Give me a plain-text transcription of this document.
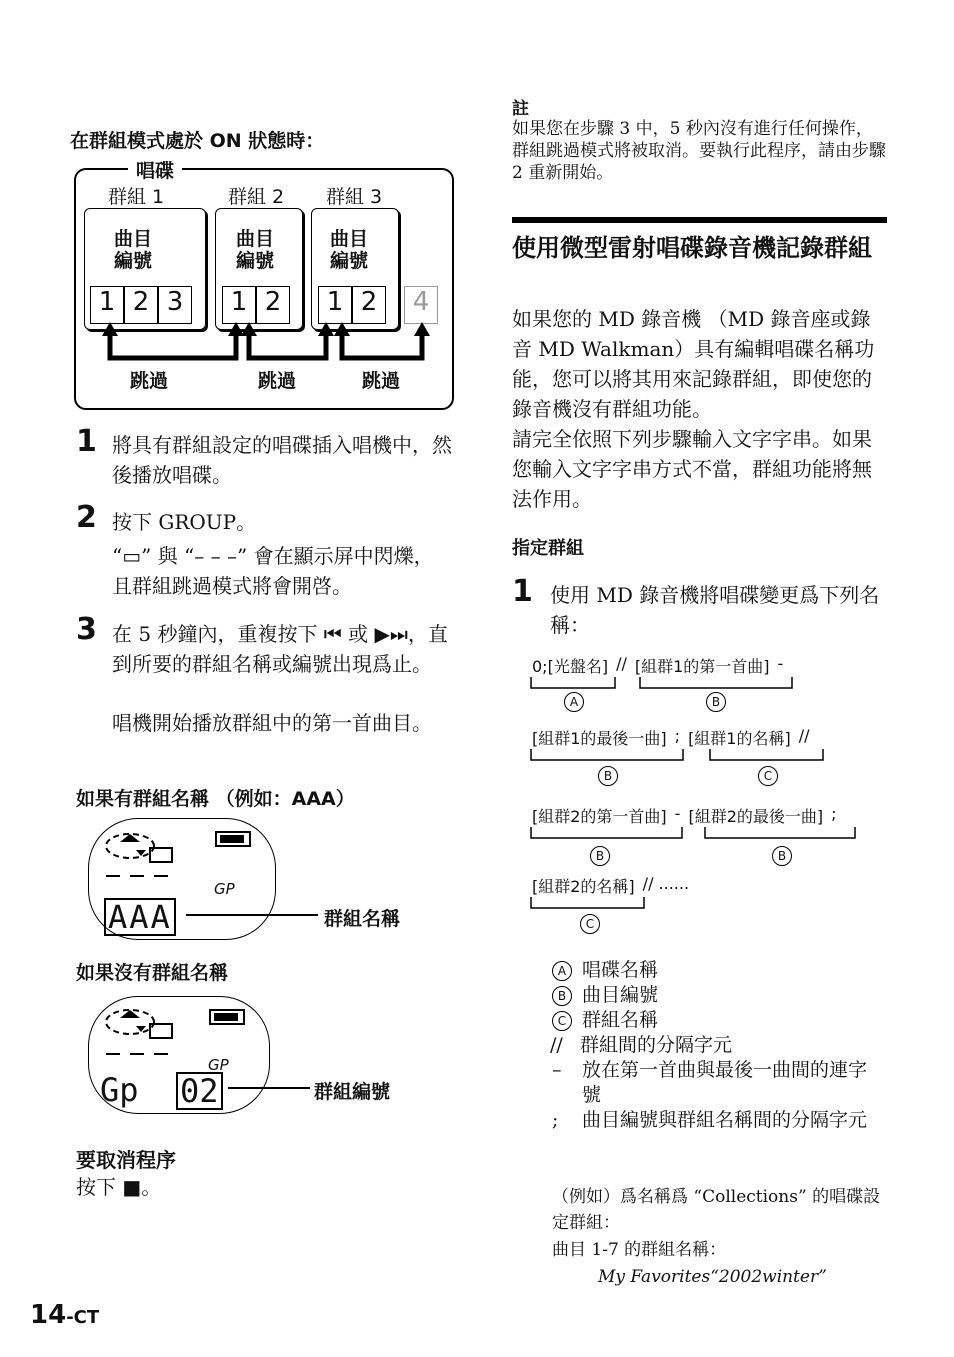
在群組模式處於 ON 狀態時：
唱碟
群組 1	群組 2 群組 3
曲目
編號
1 2 3
曲目
編號
1 2
曲目
編號
1 2	4
跳過	跳過	跳過
1 將具有群組設定的唱碟插入唱機中，然後播放唱碟。
2 按下 GROUP。
“▭” 與 “– – –” 會在顯示屏中閃爍，且群組跳過模式將會開啓。
3 在 5 秒鐘內，重複按下 ⏮ 或 ▶⏭，直到所要的群組名稱或編號出現爲止。
唱機開始播放群組中的第一首曲目。
如果有群組名稱 （例如：AAA）
GP
AAA	群組名稱
如果沒有群組名稱
GP
Gp 02	群組編號
要取消程序
按下 ■。
14-CT
註
如果您在步驟 3 中，5 秒內沒有進行任何操作，群組跳過模式將被取消。要執行此程序，請由步驟 2 重新開始。
使用微型雷射唱碟錄音機記錄群組
如果您的 MD 錄音機 （MD 錄音座或錄音 MD Walkman）具有編輯唱碟名稱功能，您可以將其用來記錄群組，即使您的錄音機沒有群組功能。
請完全依照下列步驟輸入文字字串。如果您輸入文字字串方式不當，群組功能將無法作用。
指定群組
1 使用 MD 錄音機將唱碟變更爲下列名稱：
0;[光盤名] // [組群1的第一首曲] -
A	B
[組群1的最後一曲] ; [組群1的名稱] //
B	C
[組群2的第一首曲] - [組群2的最後一曲] ;
B	B
[組群2的名稱] // ......
C
A 唱碟名稱
B 曲目編號
C 群組名稱
// 群組間的分隔字元
–	放在第一首曲與最後一曲間的連字號
;	曲目編號與群組名稱間的分隔字元
（例如）爲名稱爲 “Collections” 的唱碟設定群組：
曲目 1-7 的群組名稱：
My Favorites“2002winter”
